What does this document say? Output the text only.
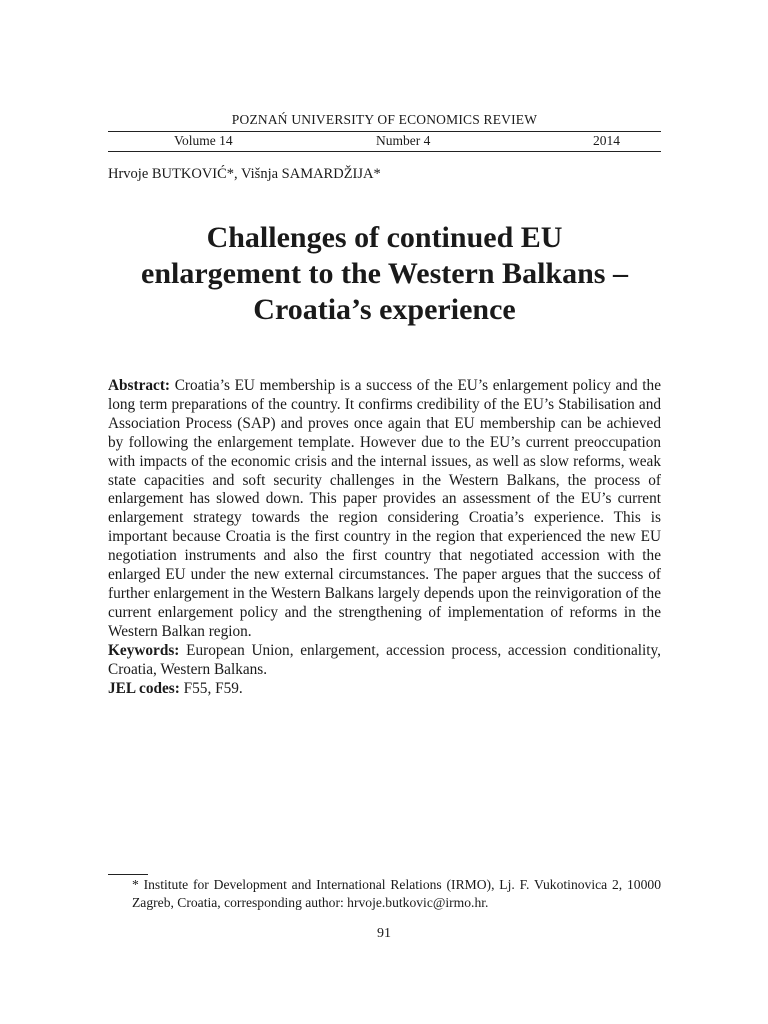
POZNAŃ UNIVERSITY OF ECONOMICS REVIEW
Volume 14	Number 4	2014
Hrvoje BUTKOVIĆ*, Višnja SAMARDŽIJA*
Challenges of continued EU
enlargement to the Western Balkans –
Croatia’s experience

Abstract: Croatia’s EU membership is a success of the EU’s enlargement policy and the long term preparations of the country. It confirms credibility of the EU’s Stabilisation and Association Process (SAP) and proves once again that EU membership can be achieved by following the enlargement template. However due to the EU’s current preoccupation with impacts of the economic crisis and the internal issues, as well as slow reforms, weak state capacities and soft security challenges in the Western Balkans, the process of enlargement has slowed down. This paper provides an assessment of the EU’s current enlargement strategy towards the region considering Croatia’s experience. This is important because Croatia is the first country in the region that experienced the new EU negotiation instruments and also the first country that negotiated accession with the enlarged EU under the new external circumstances. The paper argues that the success of further enlargement in the Western Balkans largely depends upon the reinvigoration of the current enlargement policy and the strengthening of implementation of reforms in the Western Balkan region.

Keywords: European Union, enlargement, accession process, accession conditionality, Croatia, Western Balkans.

JEL codes: F55, F59.

* Institute for Development and International Relations (IRMO), Lj. F. Vukotinovica 2, 10000 Zagreb, Croatia, corresponding author: hrvoje.butkovic@irmo.hr.
91
